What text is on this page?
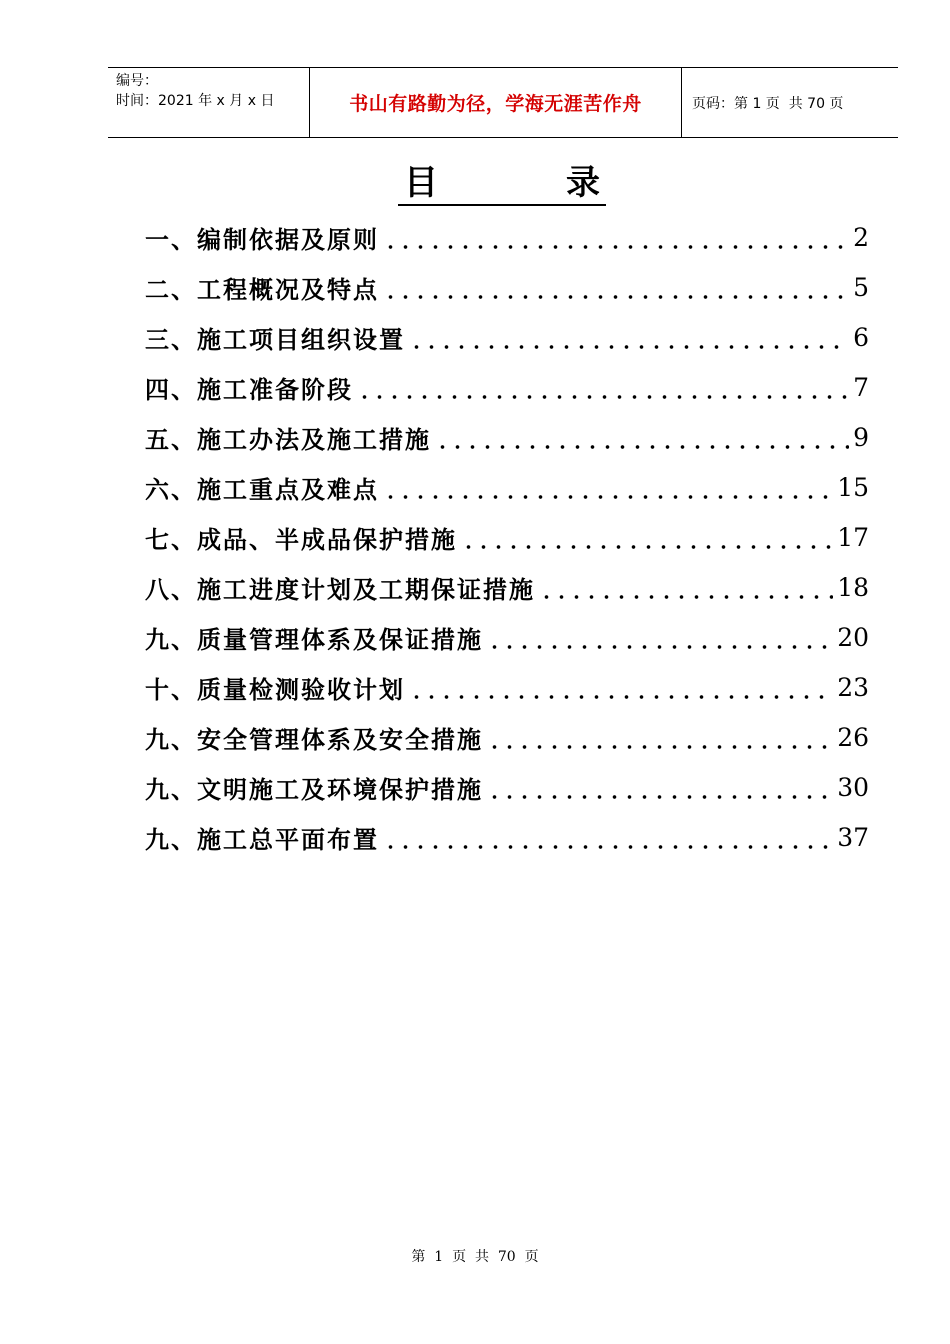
编号：
时间：2021 年 x 月 x 日	书山有路勤为径，学海无涯苦作舟	页码：第 1 页  共 70 页
目	录
一、编制依据及原则	2
二、工程概况及特点	5
三、施工项目组织设置	6
四、施工准备阶段	7
五、施工办法及施工措施	9
六、施工重点及难点	15
七、成品、半成品保护措施	17
八、施工进度计划及工期保证措施	18
九、质量管理体系及保证措施	20
十、质量检测验收计划	23
九、安全管理体系及安全措施	26
九、文明施工及环境保护措施	30
九、施工总平面布置	37
第  1  页  共  70  页
